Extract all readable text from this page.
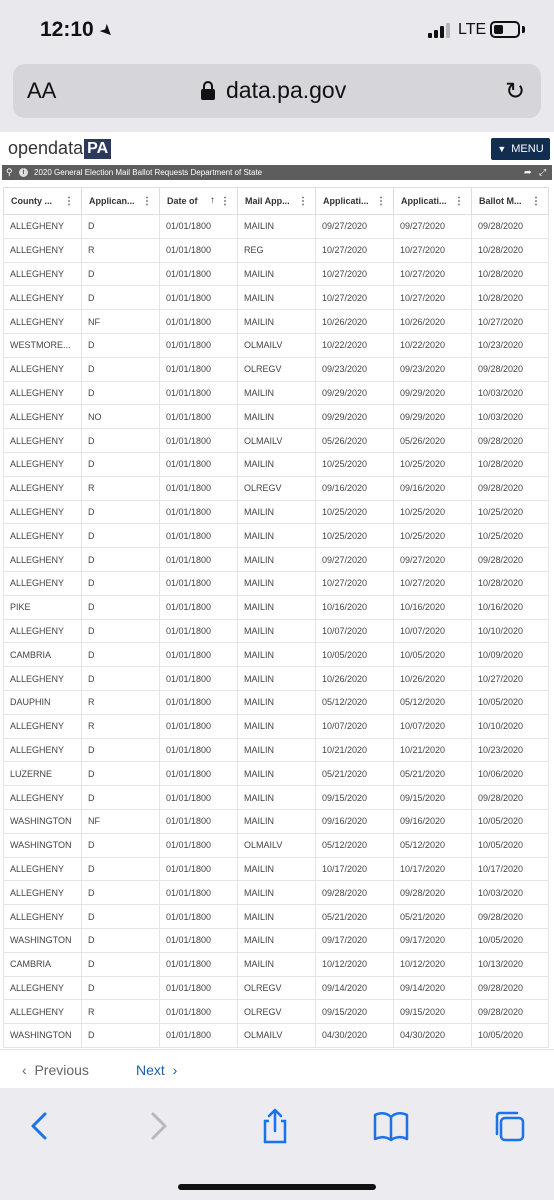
12:10 ➤	LTE
AA	data.pa.gov	↻
opendata PA	▼ MENU
⚲	i	2020 General Election Mail Ballot Requests Department of State	➦ ⤢
County ... ⋮	Applican... ⋮	Date of ↑ ⋮	Mail App... ⋮	Applicati... ⋮	Applicati... ⋮	Ballot M... ⋮

ALLEGHENY	D	01/01/1800	MAILIN	09/27/2020	09/27/2020	09/28/2020
ALLEGHENY	R	01/01/1800	REG	10/27/2020	10/27/2020	10/28/2020
ALLEGHENY	D	01/01/1800	MAILIN	10/27/2020	10/27/2020	10/28/2020
ALLEGHENY	D	01/01/1800	MAILIN	10/27/2020	10/27/2020	10/28/2020
ALLEGHENY	NF	01/01/1800	MAILIN	10/26/2020	10/26/2020	10/27/2020
WESTMORE...	D	01/01/1800	OLMAILV	10/22/2020	10/22/2020	10/23/2020
ALLEGHENY	D	01/01/1800	OLREGV	09/23/2020	09/23/2020	09/28/2020
ALLEGHENY	D	01/01/1800	MAILIN	09/29/2020	09/29/2020	10/03/2020
ALLEGHENY	NO	01/01/1800	MAILIN	09/29/2020	09/29/2020	10/03/2020
ALLEGHENY	D	01/01/1800	OLMAILV	05/26/2020	05/26/2020	09/28/2020
ALLEGHENY	D	01/01/1800	MAILIN	10/25/2020	10/25/2020	10/28/2020
ALLEGHENY	R	01/01/1800	OLREGV	09/16/2020	09/16/2020	09/28/2020
ALLEGHENY	D	01/01/1800	MAILIN	10/25/2020	10/25/2020	10/25/2020
ALLEGHENY	D	01/01/1800	MAILIN	10/25/2020	10/25/2020	10/25/2020
ALLEGHENY	D	01/01/1800	MAILIN	09/27/2020	09/27/2020	09/28/2020
ALLEGHENY	D	01/01/1800	MAILIN	10/27/2020	10/27/2020	10/28/2020
PIKE	D	01/01/1800	MAILIN	10/16/2020	10/16/2020	10/16/2020
ALLEGHENY	D	01/01/1800	MAILIN	10/07/2020	10/07/2020	10/10/2020
CAMBRIA	D	01/01/1800	MAILIN	10/05/2020	10/05/2020	10/09/2020
ALLEGHENY	D	01/01/1800	MAILIN	10/26/2020	10/26/2020	10/27/2020
DAUPHIN	R	01/01/1800	MAILIN	05/12/2020	05/12/2020	10/05/2020
ALLEGHENY	R	01/01/1800	MAILIN	10/07/2020	10/07/2020	10/10/2020
ALLEGHENY	D	01/01/1800	MAILIN	10/21/2020	10/21/2020	10/23/2020
LUZERNE	D	01/01/1800	MAILIN	05/21/2020	05/21/2020	10/06/2020
ALLEGHENY	D	01/01/1800	MAILIN	09/15/2020	09/15/2020	09/28/2020
WASHINGTON	NF	01/01/1800	MAILIN	09/16/2020	09/16/2020	10/05/2020
WASHINGTON	D	01/01/1800	OLMAILV	05/12/2020	05/12/2020	10/05/2020
ALLEGHENY	D	01/01/1800	MAILIN	10/17/2020	10/17/2020	10/17/2020
ALLEGHENY	D	01/01/1800	MAILIN	09/28/2020	09/28/2020	10/03/2020
ALLEGHENY	D	01/01/1800	MAILIN	05/21/2020	05/21/2020	09/28/2020
WASHINGTON	D	01/01/1800	MAILIN	09/17/2020	09/17/2020	10/05/2020
CAMBRIA	D	01/01/1800	MAILIN	10/12/2020	10/12/2020	10/13/2020
ALLEGHENY	D	01/01/1800	OLREGV	09/14/2020	09/14/2020	09/28/2020
ALLEGHENY	R	01/01/1800	OLREGV	09/15/2020	09/15/2020	09/28/2020
WASHINGTON	D	01/01/1800	OLMAILV	04/30/2020	04/30/2020	10/05/2020
‹  Previous	Next  ›
